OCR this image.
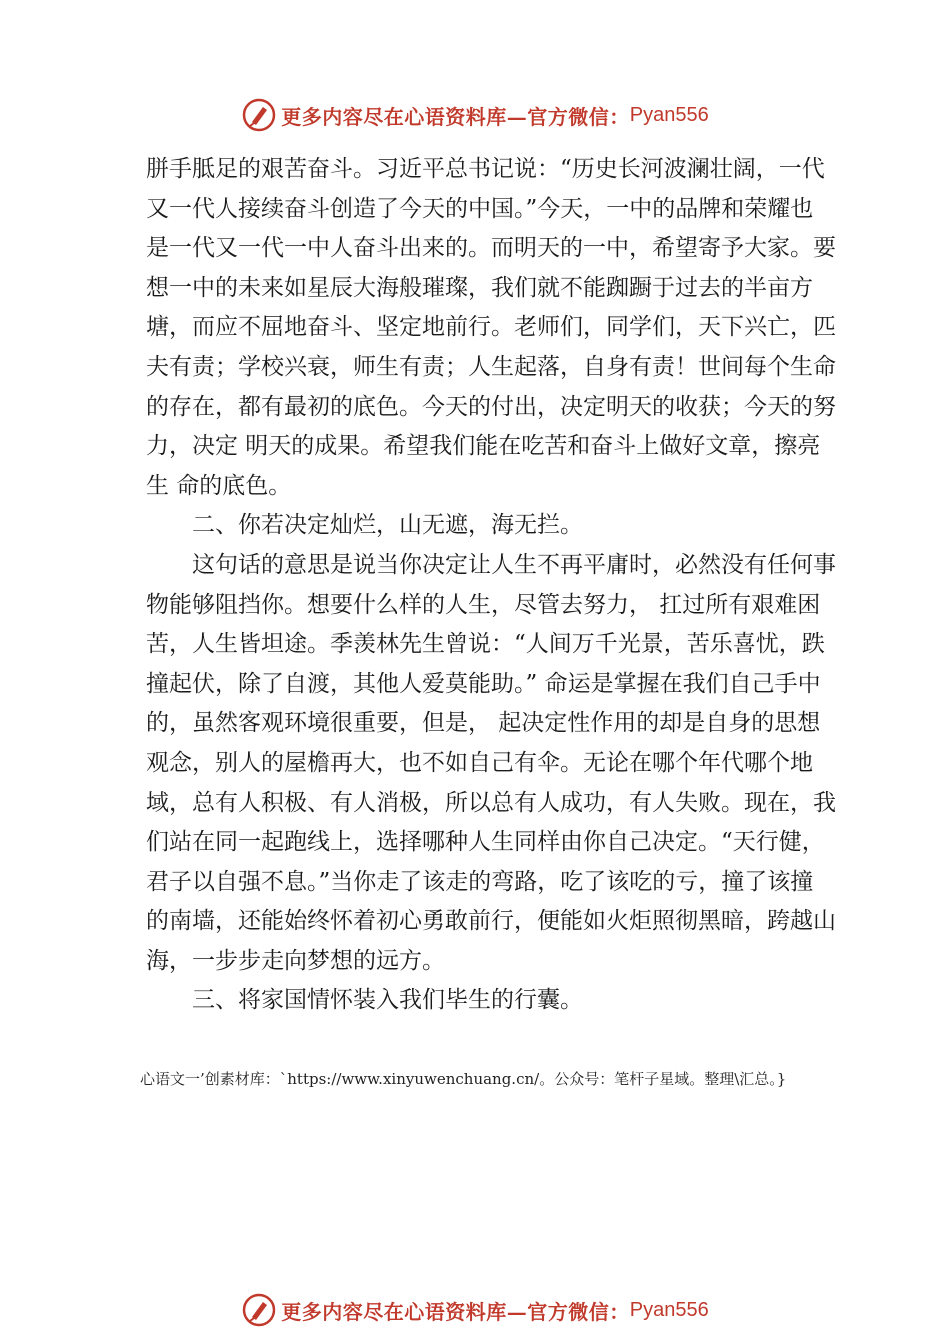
更多内容尽在心语资料库—官方微信： Pyan556

胼手胝足的艰苦奋斗。习近平总书记说：“历史长河波澜壮阔，一代又一代人接续奋斗创造了今天的中国。”今天，一中的品牌和荣耀也是一代又一代一中人奋斗出来的。而明天的一中，希望寄予大家。要想一中的未来如星辰大海般璀璨，我们就不能踟蹰于过去的半亩方塘，而应不屈地奋斗、坚定地前行。老师们，同学们，天下兴亡，匹夫有责；学校兴衰，师生有责；人生起落，自身有责！世间每个生命的存在，都有最初的底色。今天的付出，决定明天的收获；今天的努力，决定 明天的成果。希望我们能在吃苦和奋斗上做好文章，擦亮生 命的底色。

二、你若决定灿烂，山无遮，海无拦。

这句话的意思是说当你决定让人生不再平庸时，必然没有任何事物能够阻挡你。想要什么样的人生，尽管去努力， 扛过所有艰难困苦，人生皆坦途。季羡林先生曾说：“人间万千光景，苦乐喜忧，跌撞起伏，除了自渡，其他人爱莫能助。” 命运是掌握在我们自己手中的，虽然客观环境很重要，但是， 起决定性作用的却是自身的思想观念，别人的屋檐再大，也不如自己有伞。无论在哪个年代哪个地域，总有人积极、有人消极，所以总有人成功，有人失败。现在，我们站在同一起跑线上，选择哪种人生同样由你自己决定。“天行健，君子以自强不息。”当你走了该走的弯路，吃了该吃的亏，撞了该撞的南墙，还能始终怀着初心勇敢前行，便能如火炬照彻黑暗，跨越山海，一步步走向梦想的远方。

三、将家国情怀装入我们毕生的行囊。

心语文一’创素材库：`https://www.xinyuwenchuang.cn/。公众号：笔杆子星域。整理\汇总。}
更多内容尽在心语资料库—官方微信： Pyan556
